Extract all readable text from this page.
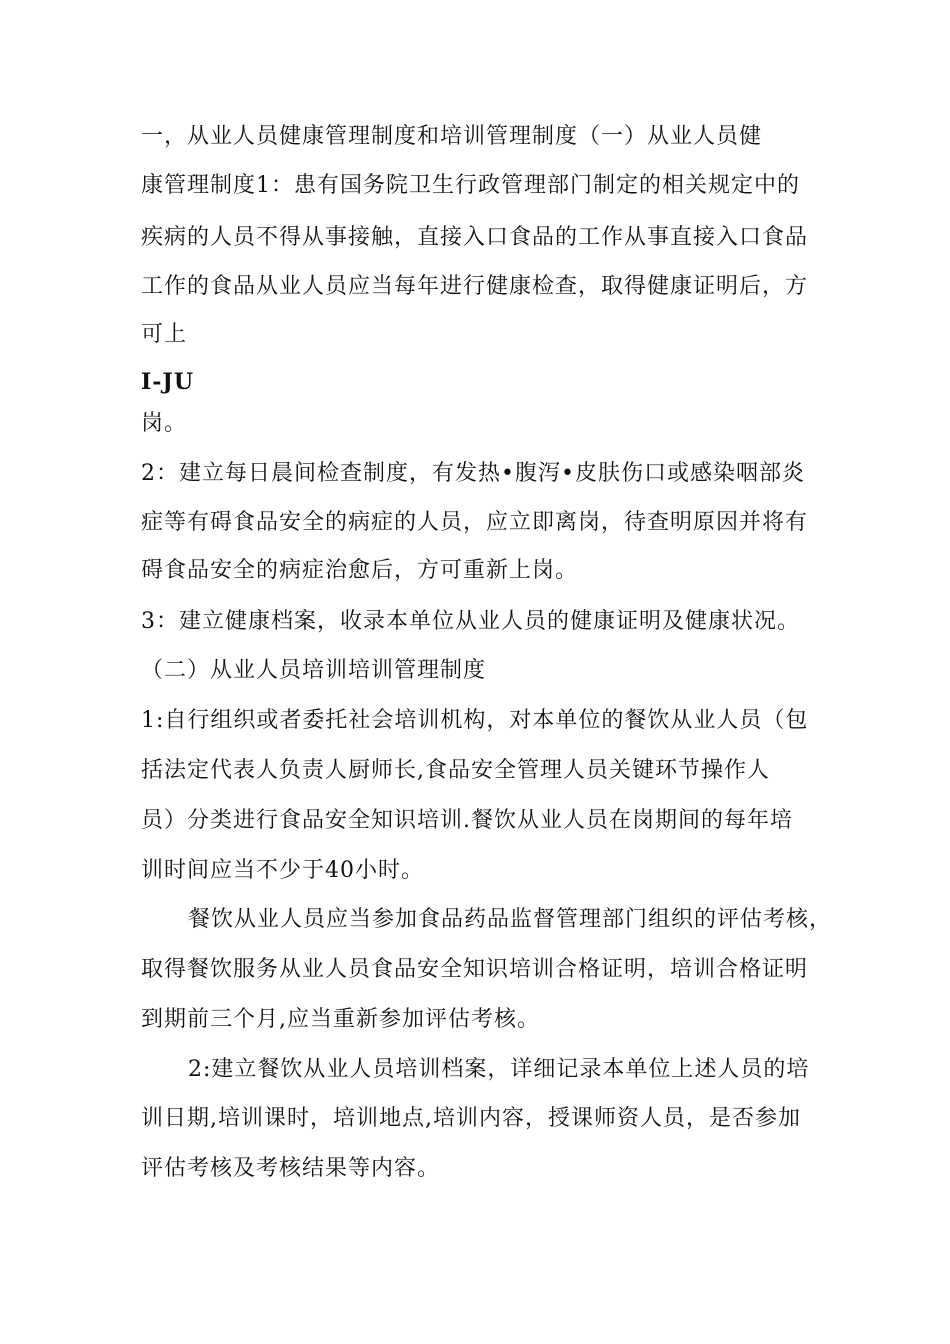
一，从业人员健康管理制度和培训管理制度（一）从业人员健
康管理制度1：患有国务院卫生行政管理部门制定的相关规定中的
疾病的人员不得从事接触，直接入口食品的工作从事直接入口食品
工作的食品从业人员应当每年进行健康检查，取得健康证明后，方
可上
I-JU
岗。
2：建立每日晨间检查制度，有发热•腹泻•皮肤伤口或感染咽部炎
症等有碍食品安全的病症的人员，应立即离岗，待查明原因并将有
碍食品安全的病症治愈后，方可重新上岗。
3：建立健康档案，收录本单位从业人员的健康证明及健康状况。
（二）从业人员培训培训管理制度
1:自行组织或者委托社会培训机构，对本单位的餐饮从业人员（包
括法定代表人负责人厨师长,食品安全管理人员关键环节操作人
员）分类进行食品安全知识培训.餐饮从业人员在岗期间的每年培
训时间应当不少于40小时。
餐饮从业人员应当参加食品药品监督管理部门组织的评估考核，
取得餐饮服务从业人员食品安全知识培训合格证明，培训合格证明
到期前三个月,应当重新参加评估考核。
2:建立餐饮从业人员培训档案，详细记录本单位上述人员的培
训日期,培训课时，培训地点,培训内容，授课师资人员，是否参加
评估考核及考核结果等内容。
